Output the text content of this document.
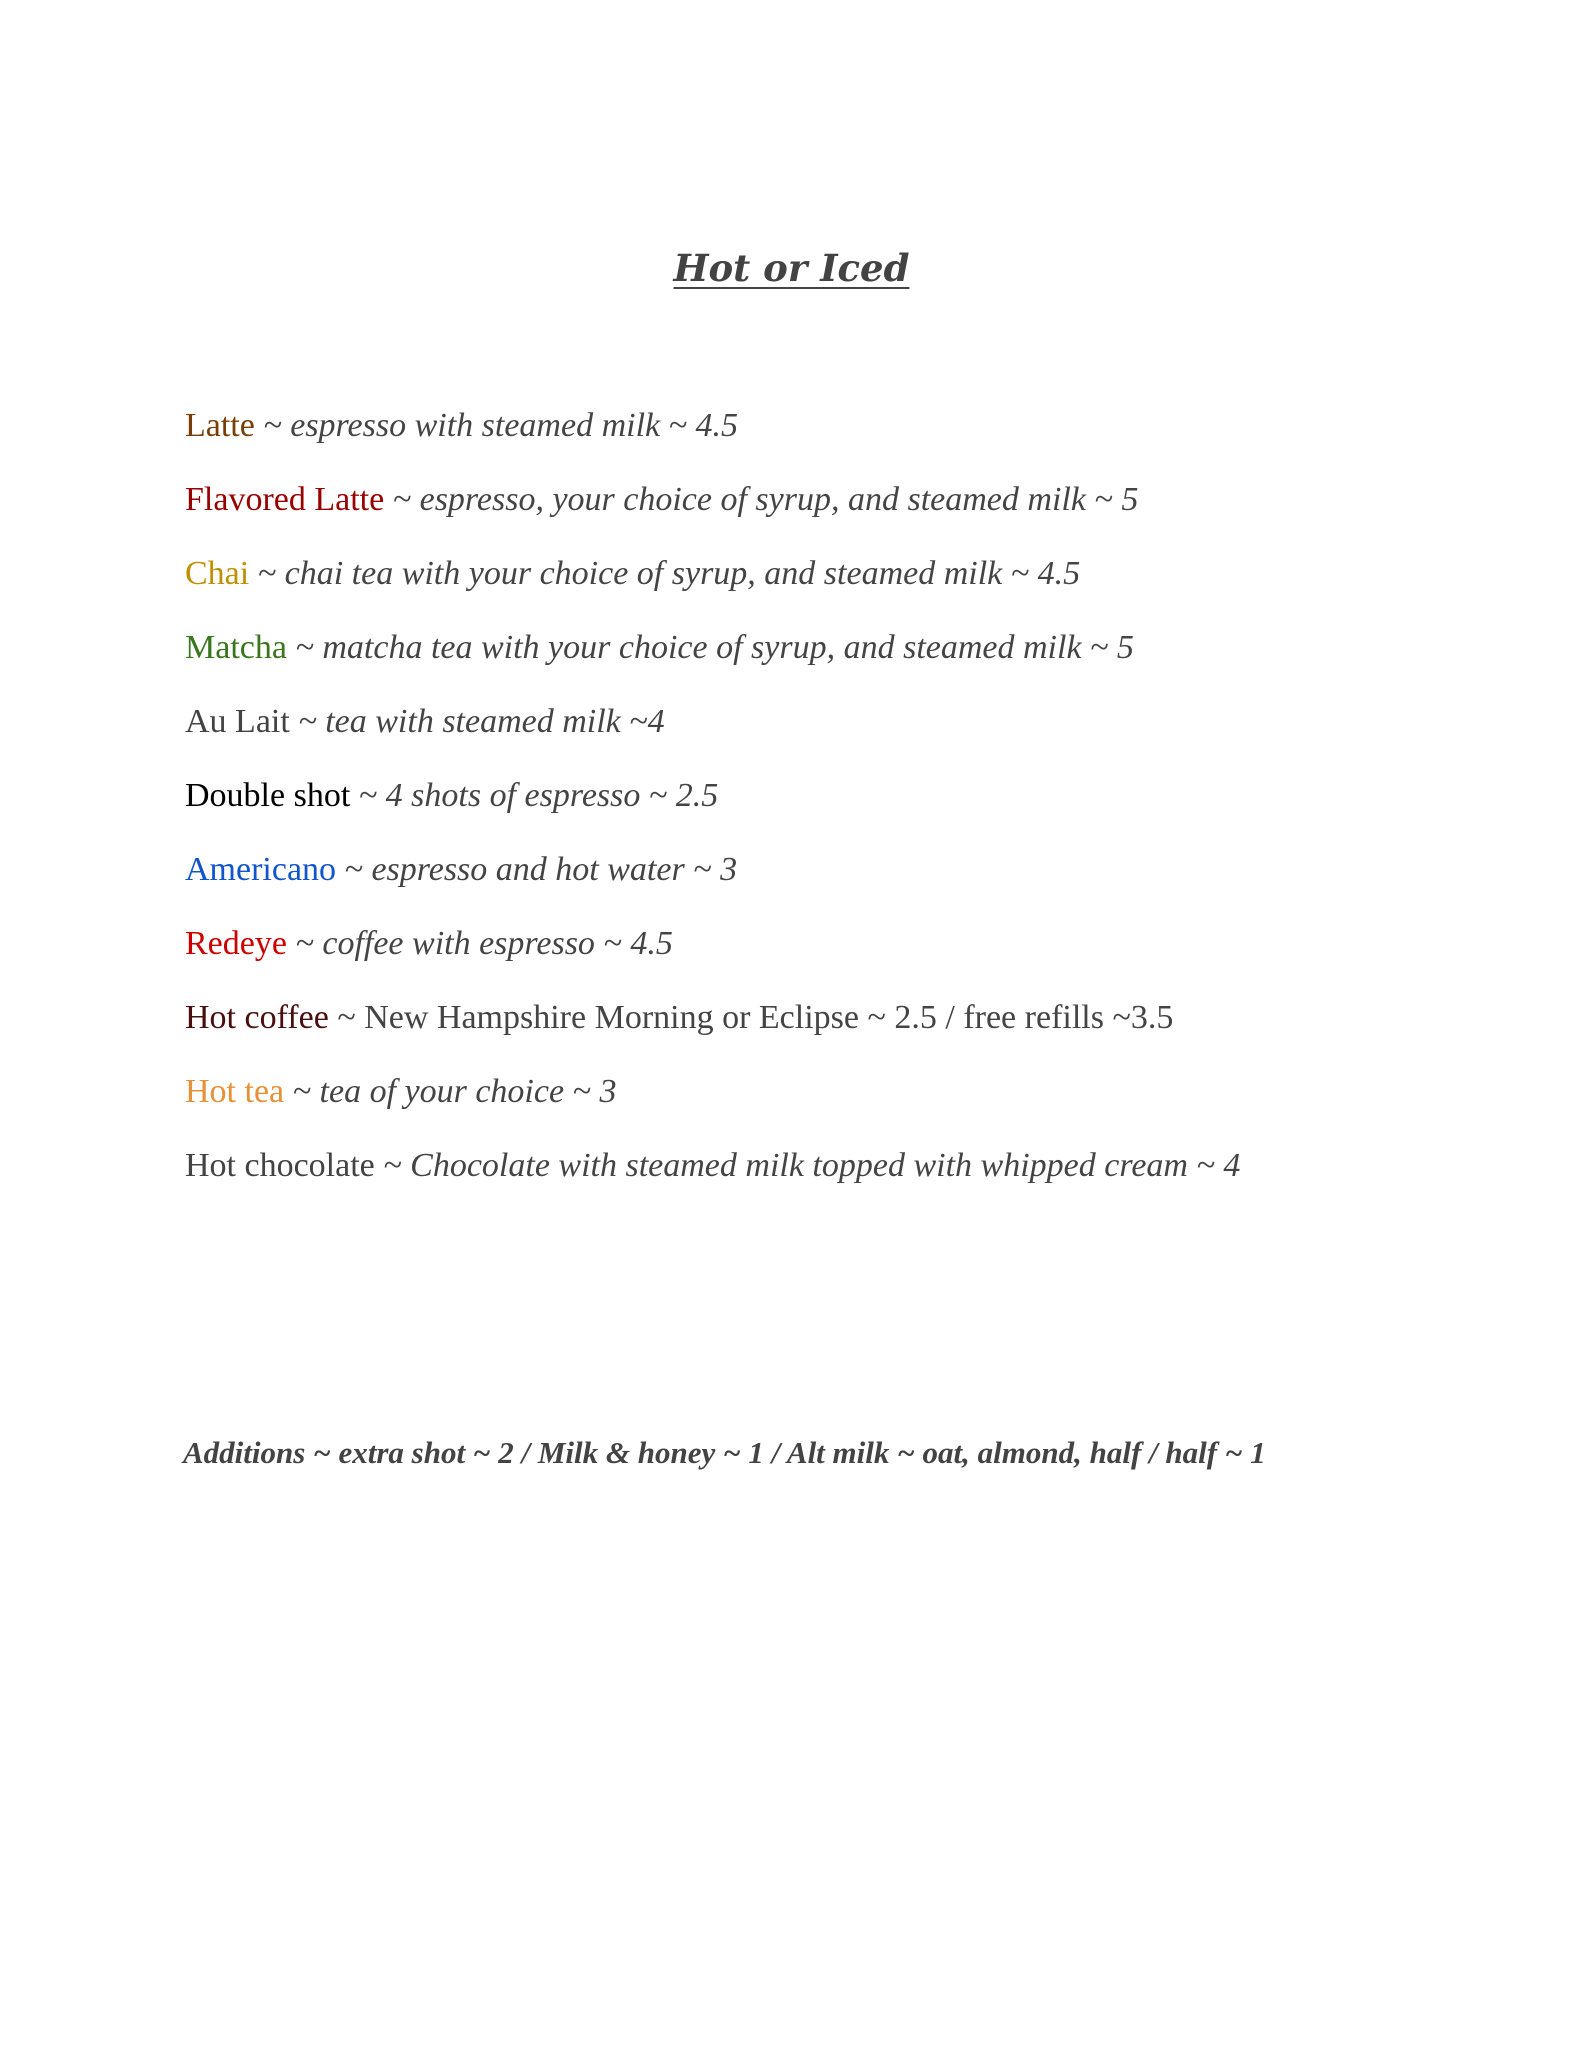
Hot or Iced
Latte ~ espresso with steamed milk ~ 4.5
Flavored Latte ~ espresso, your choice of syrup, and steamed milk ~ 5
Chai ~ chai tea with your choice of syrup, and steamed milk ~ 4.5
Matcha ~ matcha tea with your choice of syrup, and steamed milk ~ 5
Au Lait ~ tea with steamed milk ~4
Double shot ~ 4 shots of espresso ~ 2.5
Americano ~ espresso and hot water ~ 3
Redeye ~ coffee with espresso ~ 4.5
Hot coffee ~ New Hampshire Morning or Eclipse ~ 2.5 / free refills ~3.5
Hot tea ~ tea of your choice ~ 3
Hot chocolate ~ Chocolate with steamed milk topped with whipped cream ~ 4
Additions ~ extra shot ~ 2 / Milk & honey ~ 1 / Alt milk ~ oat, almond, half / half ~ 1
